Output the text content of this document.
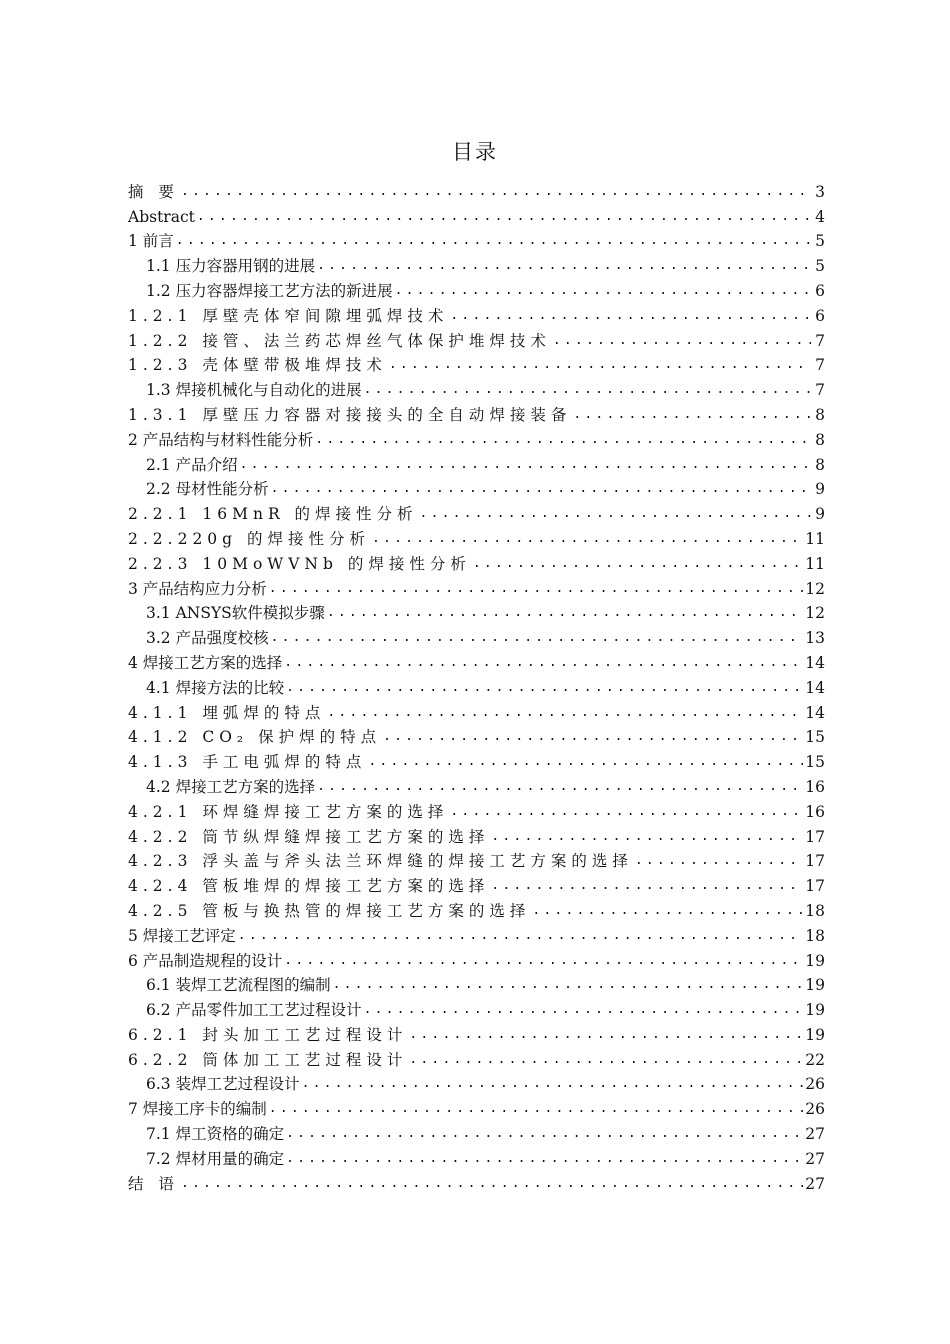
目录
摘 要 .....	3
Abstract .....	4
1 前言 .....	5
1.1 压力容器用钢的进展 .....	5
1.2 压力容器焊接工艺方法的新进展 .....	6
1.2.1 厚壁壳体窄间隙埋弧焊技术 .....	6
1.2.2 接管、法兰药芯焊丝气体保护堆焊技术 .....	7
1.2.3 壳体壁带极堆焊技术 .....	7
1.3 焊接机械化与自动化的进展 .....	7
1.3.1 厚壁压力容器对接接头的全自动焊接装备 .....	8
2 产品结构与材料性能分析 .....	8
2.1 产品介绍 .....	8
2.2 母材性能分析 .....	9
2.2.1 16MnR 的焊接性分析 .....	9
2.2.220g 的焊接性分析 .....	11
2.2.3 10MoWVNb 的焊接性分析 .....	11
3 产品结构应力分析 .....	12
3.1 ANSYS软件模拟步骤 .....	12
3.2 产品强度校核 .....	13
4 焊接工艺方案的选择 .....	14
4.1 焊接方法的比较 .....	14
4.1.1 埋弧焊的特点 .....	14
4.1.2 CO₂ 保护焊的特点 .....	15
4.1.3 手工电弧焊的特点 .....	15
4.2 焊接工艺方案的选择 .....	16
4.2.1 环焊缝焊接工艺方案的选择 .....	16
4.2.2 筒节纵焊缝焊接工艺方案的选择 .....	17
4.2.3 浮头盖与斧头法兰环焊缝的焊接工艺方案的选择 .....	17
4.2.4 管板堆焊的焊接工艺方案的选择 .....	17
4.2.5 管板与换热管的焊接工艺方案的选择 .....	18
5 焊接工艺评定 .....	18
6 产品制造规程的设计 .....	19
6.1 装焊工艺流程图的编制 .....	19
6.2 产品零件加工工艺过程设计 .....	19
6.2.1 封头加工工艺过程设计 .....	19
6.2.2 筒体加工工艺过程设计 .....	22
6.3 装焊工艺过程设计 .....	26
7 焊接工序卡的编制 .....	26
7.1 焊工资格的确定 .....	27
7.2 焊材用量的确定 .....	27
结 语 .....	27
